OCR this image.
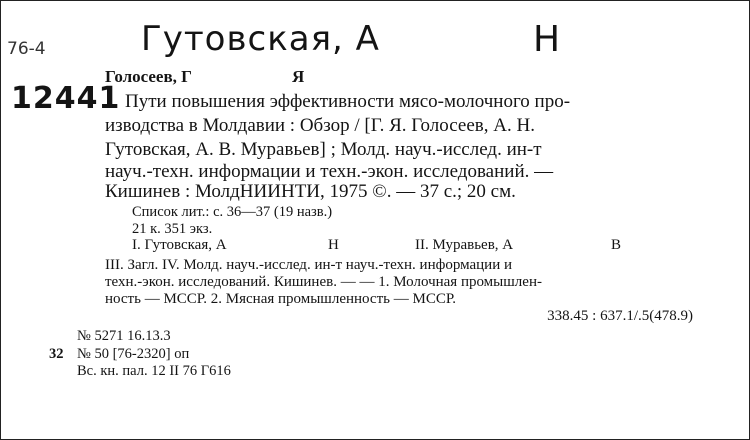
76-4	Гутовская, А	Н
12441
Голосеев, Г	Я
Пути повышения эффективности мясо-молочного про-
изводства в Молдавии : Обзор / [Г. Я. Голосеев, А. Н.
Гутовская, А. В. Муравьев] ; Молд. науч.-исслед. ин-т
науч.-техн. информации и техн.-экон. исследований. —
Кишинев : МолдНИИНТИ, 1975 ©. — 37 с.; 20 см.
Список лит.: с. 36—37 (19 назв.)
21 к. 351 экз.
I. Гутовская, А	Н	II. Муравьев, А	В
III. Загл. IV. Молд. науч.-исслед. ин-т науч.-техн. информации и
техн.-экон. исследований. Кишинев. — — 1. Молочная промышлен-
ность — МССР. 2. Мясная промышленность — МССР.
338.45 : 637.1/.5(478.9)
№ 5271 16.13.3
32 № 50 [76-2320] оп
Вс. кн. пал. 12 II 76 Г616
